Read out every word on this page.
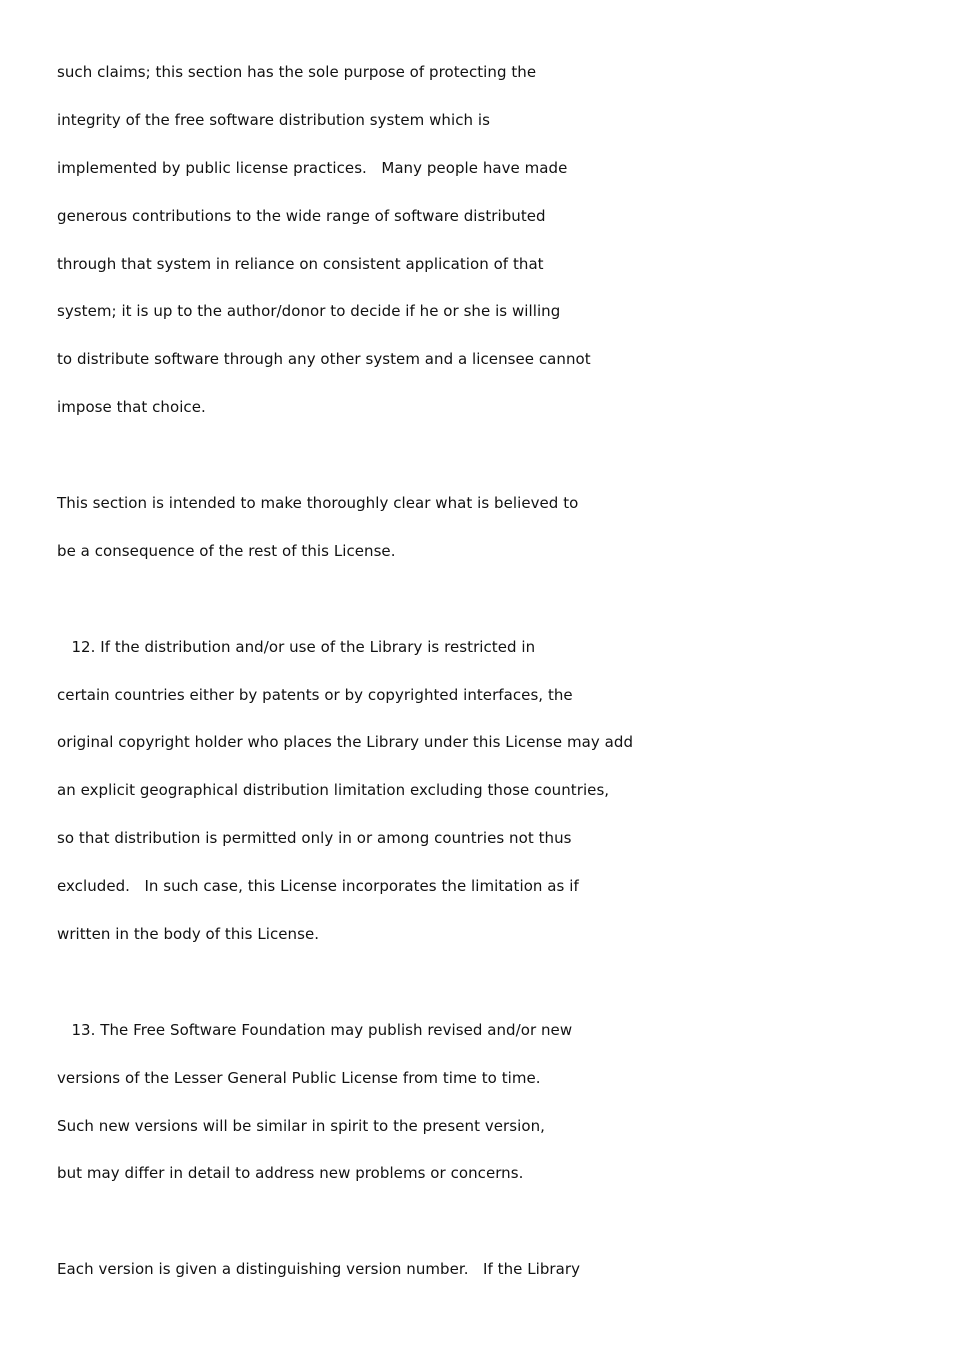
such claims; this section has the sole purpose of protecting the
integrity of the free software distribution system which is
implemented by public license practices.   Many people have made
generous contributions to the wide range of software distributed
through that system in reliance on consistent application of that
system; it is up to the author/donor to decide if he or she is willing
to distribute software through any other system and a licensee cannot
impose that choice.
This section is intended to make thoroughly clear what is believed to
be a consequence of the rest of this License.
12. If the distribution and/or use of the Library is restricted in
certain countries either by patents or by copyrighted interfaces, the
original copyright holder who places the Library under this License may add
an explicit geographical distribution limitation excluding those countries,
so that distribution is permitted only in or among countries not thus
excluded.   In such case, this License incorporates the limitation as if
written in the body of this License.
13. The Free Software Foundation may publish revised and/or new
versions of the Lesser General Public License from time to time.
Such new versions will be similar in spirit to the present version,
but may differ in detail to address new problems or concerns.
Each version is given a distinguishing version number.   If the Library
